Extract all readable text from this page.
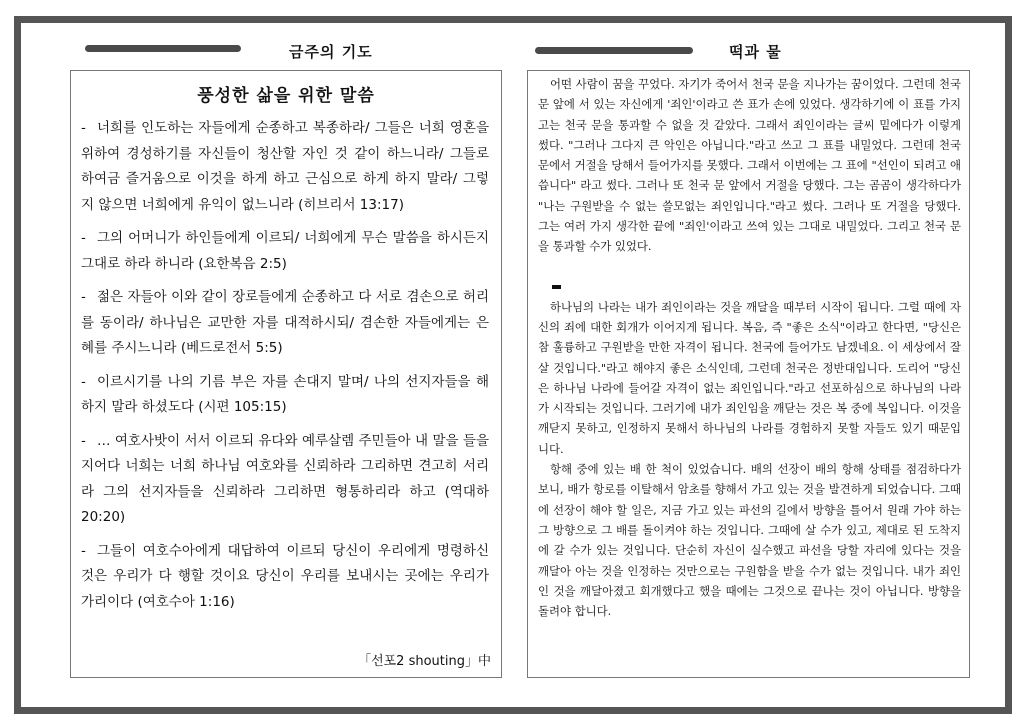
금주의 기도	떡과 물
풍성한 삶을 위한 말씀
- 너희를 인도하는 자들에게 순종하고 복종하라/ 그들은 너희 영혼을 위하여 경성하기를 자신들이 청산할 자인 것 같이 하느니라/ 그들로 하여금 즐거움으로 이것을 하게 하고 근심으로 하게 하지 말라/ 그렇지 않으면 너희에게 유익이 없느니라 (히브리서 13:17)
- 그의 어머니가 하인들에게 이르되/ 너희에게 무슨 말씀을 하시든지 그대로 하라 하니라 (요한복음 2:5)
- 젊은 자들아 이와 같이 장로들에게 순종하고 다 서로 겸손으로 허리를 동이라/ 하나님은 교만한 자를 대적하시되/ 겸손한 자들에게는 은혜를 주시느니라 (베드로전서 5:5)
- 이르시기를 나의 기름 부은 자를 손대지 말며/ 나의 선지자들을 해하지 말라 하셨도다 (시편 105:15)
- … 여호사밧이 서서 이르되 유다와 예루살렘 주민들아 내 말을 들을지어다 너희는 너희 하나님 여호와를 신뢰하라 그리하면 견고히 서리라 그의 선지자들을 신뢰하라 그리하면 형통하리라 하고 (역대하 20:20)
- 그들이 여호수아에게 대답하여 이르되 당신이 우리에게 명령하신 것은 우리가 다 행할 것이요 당신이 우리를 보내시는 곳에는 우리가 가리이다 (여호수아 1:16)
「선포2 shouting」中

어떤 사람이 꿈을 꾸었다. 자기가 죽어서 천국 문을 지나가는 꿈이었다. 그런데 천국문 앞에 서 있는 자신에게 '죄인'이라고 쓴 표가 손에 있었다. 생각하기에 이 표를 가지고는 천국 문을 통과할 수 없을 것 같았다. 그래서 죄인이라는 글씨 밑에다가 이렇게 썼다. "그러나 그다지 큰 악인은 아닙니다."라고 쓰고 그 표를 내밀었다. 그런데 천국 문에서 거절을 당해서 들어가지를 못했다. 그래서 이번에는 그 표에 "선인이 되려고 애씁니다" 라고 썼다. 그러나 또 천국 문 앞에서 거절을 당했다. 그는 곰곰이 생각하다가 "나는 구원받을 수 없는 쓸모없는 죄인입니다."라고 썼다. 그러나 또 거절을 당했다. 그는 여러 가지 생각한 끝에 "죄인'이라고 쓰여 있는 그대로 내밀었다. 그리고 천국 문을 통과할 수가 있었다.

하나님의 나라는 내가 죄인이라는 것을 깨달을 때부터 시작이 됩니다. 그럴 때에 자신의 죄에 대한 회개가 이어지게 됩니다. 복음, 즉 "좋은 소식"이라고 한다면, "당신은 참 훌륭하고 구원받을 만한 자격이 됩니다. 천국에 들어가도 남겠네요. 이 세상에서 잘 살 것입니다."라고 해야지 좋은 소식인데, 그런데 천국은 정반대입니다. 도리어 "당신은 하나님 나라에 들어갈 자격이 없는 죄인입니다."라고 선포하심으로 하나님의 나라가 시작되는 것입니다. 그러기에 내가 죄인임을 깨닫는 것은 복 중에 복입니다. 이것을 깨닫지 못하고, 인정하지 못해서 하나님의 나라를 경험하지 못할 자들도 있기 때문입니다.

항해 중에 있는 배 한 척이 있었습니다. 배의 선장이 배의 항해 상태를 점검하다가 보니, 배가 항로를 이탈해서 암초를 향해서 가고 있는 것을 발견하게 되었습니다. 그때에 선장이 해야 할 일은, 지금 가고 있는 파선의 길에서 방향을 틀어서 원래 가야 하는 그 방향으로 그 배를 돌이켜야 하는 것입니다. 그때에 살 수가 있고, 제대로 된 도착지에 갈 수가 있는 것입니다. 단순히 자신이 실수했고 파선을 당할 자리에 있다는 것을 깨달아 아는 것을 인정하는 것만으로는 구원함을 받을 수가 없는 것입니다. 내가 죄인인 것을 깨달아졌고 회개했다고 했을 때에는 그것으로 끝나는 것이 아닙니다. 방향을 돌려야 합니다.
